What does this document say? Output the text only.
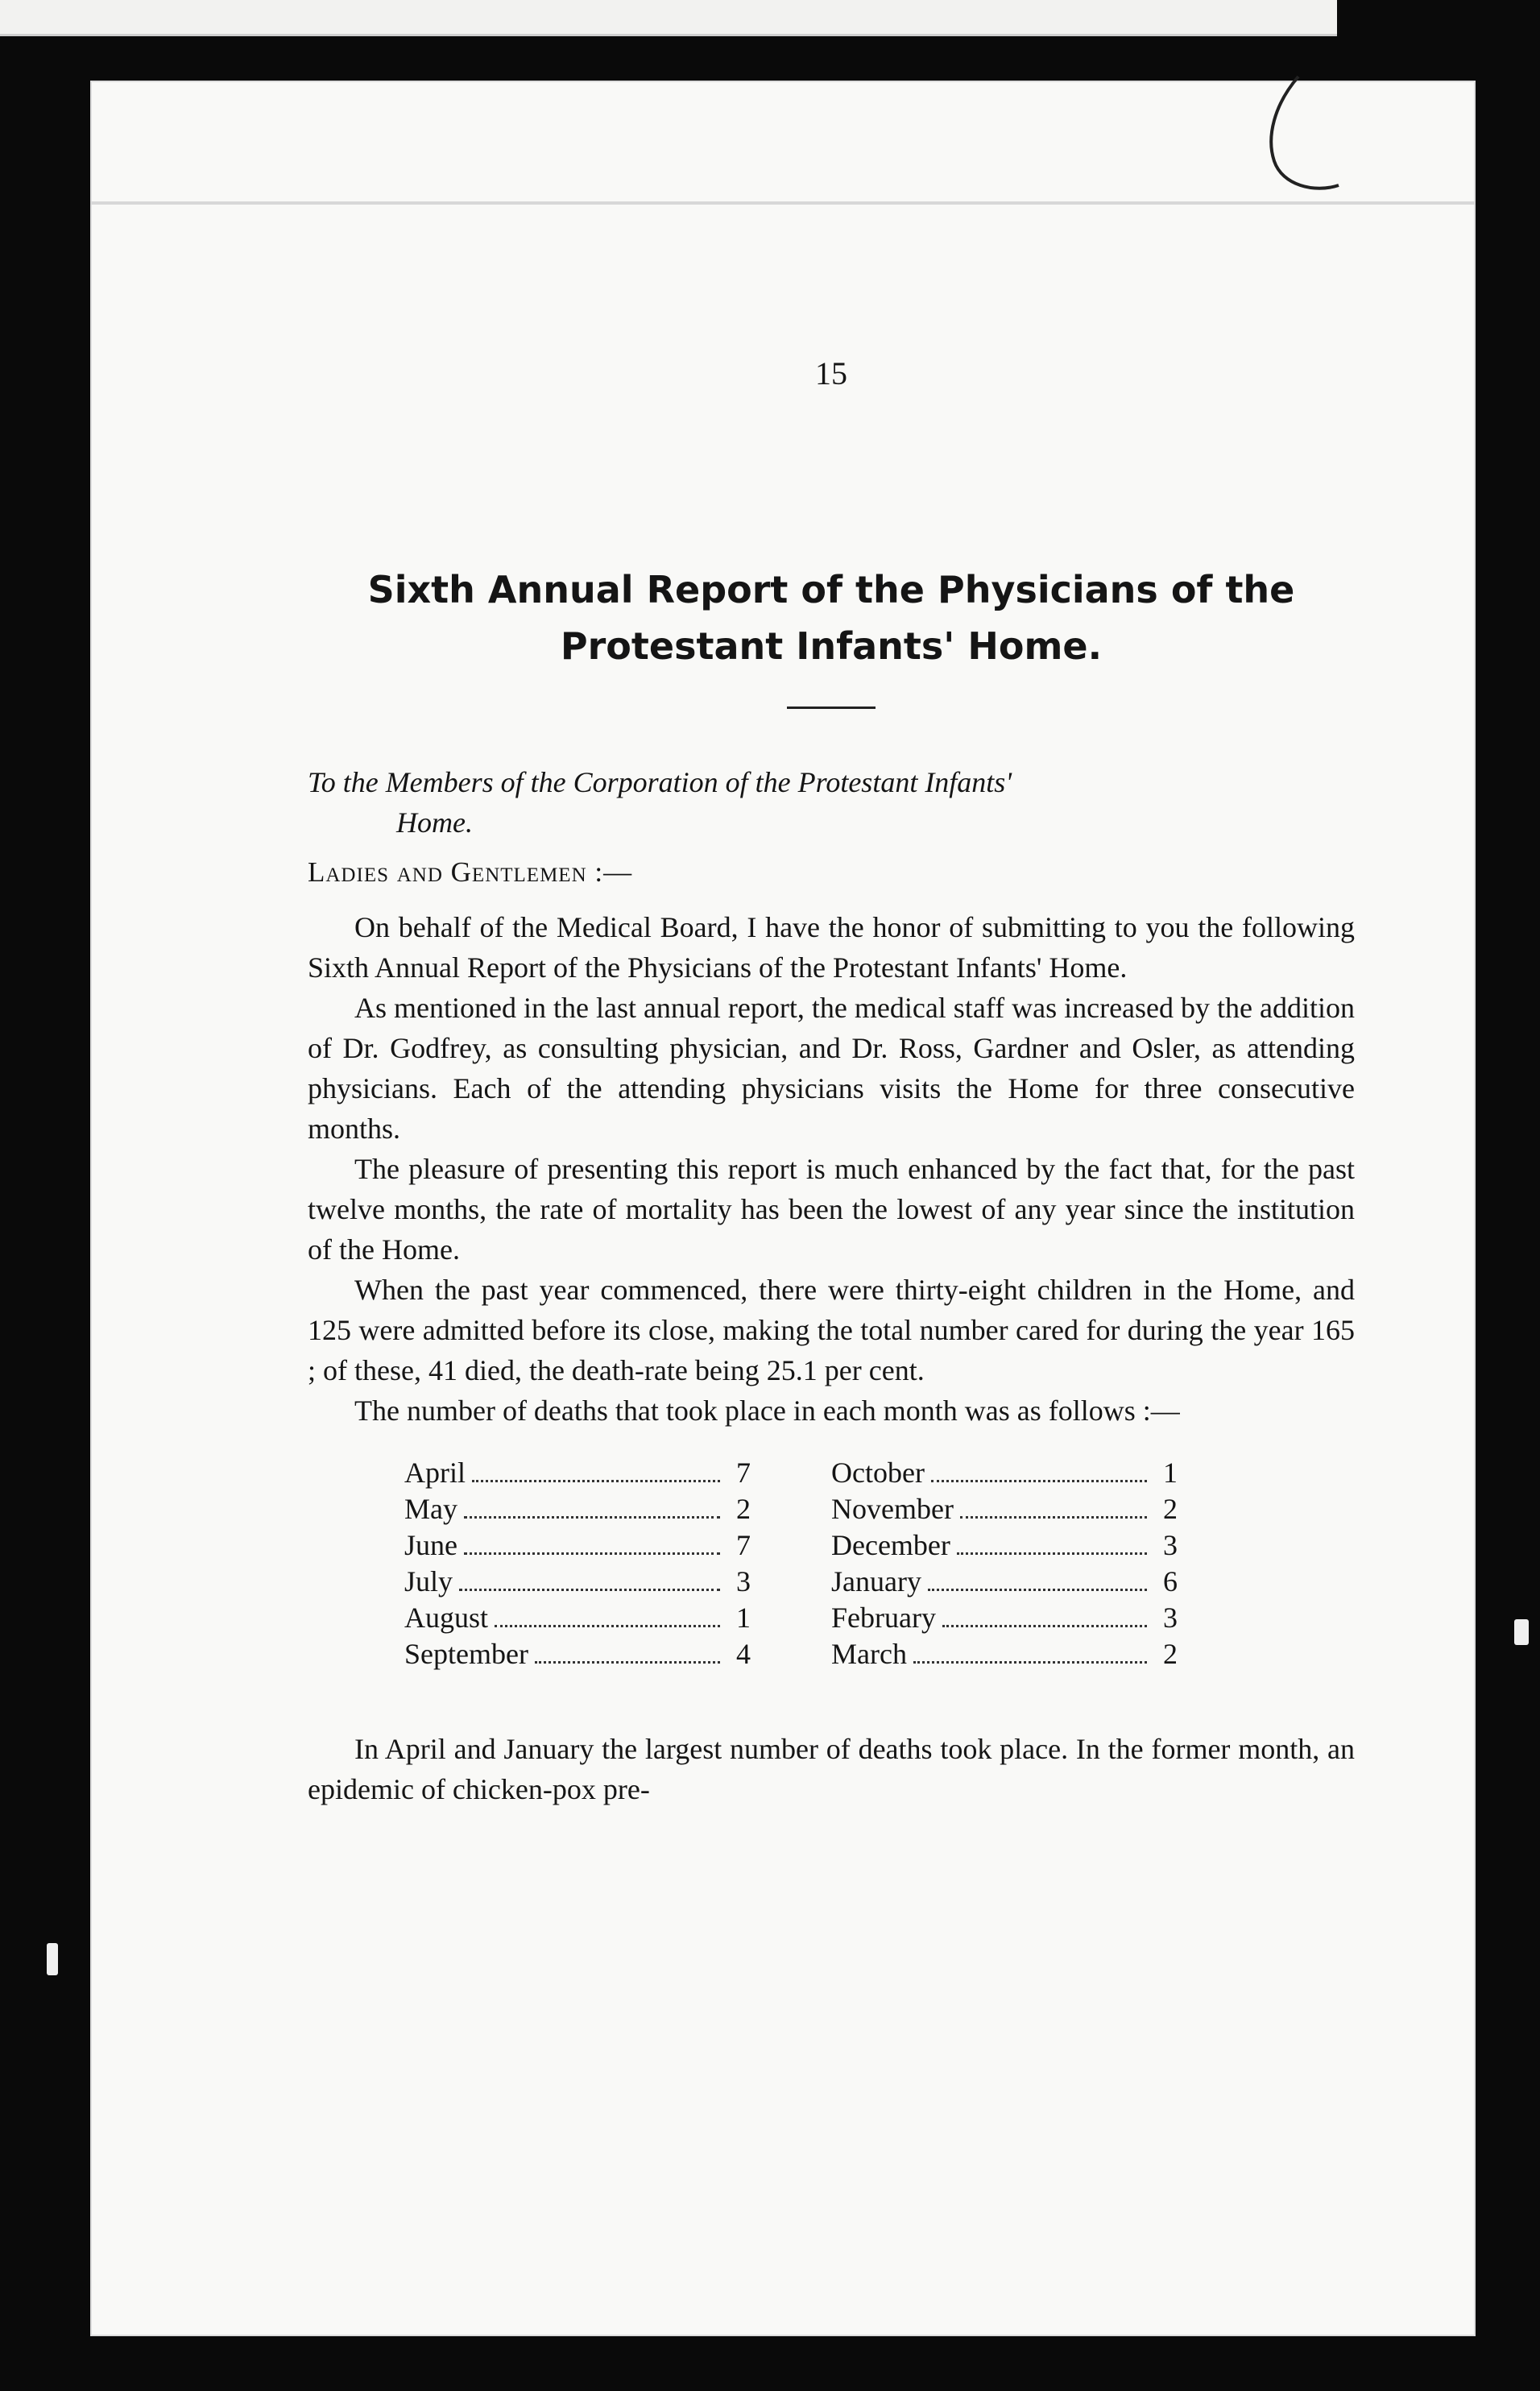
15
Sixth Annual Report of the Physicians of the
Protestant Infants' Home.
To the Members of the Corporation of the Protestant Infants'
Home.
Ladies and Gentlemen :—

On behalf of the Medical Board, I have the honor of submitting to you the following Sixth Annual Report of the Physicians of the Protestant Infants' Home.

As mentioned in the last annual report, the medical staff was increased by the addition of Dr. Godfrey, as consulting physician, and Dr. Ross, Gardner and Osler, as attending physicians. Each of the attending physicians visits the Home for three consecutive months.

The pleasure of presenting this report is much enhanced by the fact that, for the past twelve months, the rate of mortality has been the lowest of any year since the institution of the Home.

When the past year commenced, there were thirty-eight children in the Home, and 125 were admitted before its close, making the total number cared for during the year 165 ; of these, 41 died, the death-rate being 25.1 per cent.

The number of deaths that took place in each month was as follows :—

April	7
May	2
June	7
July	3
August	1
September	4
October	1
November	2
December	3
January	6
February	3
March	2

In April and January the largest number of deaths took place. In the former month, an epidemic of chicken-pox pre-
